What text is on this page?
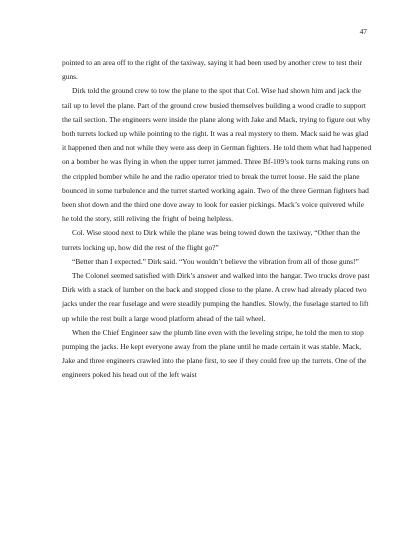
47

pointed to an area off to the right of the taxiway, saying it had been used by another crew to test their guns.

Dirk told the ground crew to tow the plane to the spot that Col. Wise had shown him and jack the tail up to level the plane. Part of the ground crew busied themselves building a wood cradle to support the tail section. The engineers were inside the plane along with Jake and Mack, trying to figure out why both turrets locked up while pointing to the right. It was a real mystery to them. Mack said he was glad it happened then and not while they were ass deep in German fighters. He told them what had happened on a bomber he was flying in when the upper turret jammed. Three Bf-109’s took turns making runs on the crippled bomber while he and the radio operator tried to break the turret loose. He said the plane bounced in some turbulence and the turret started working again. Two of the three German fighters had been shot down and the third one dove away to look for easier pickings. Mack’s voice quivered while he told the story, still reliving the fright of being helpless.

Col. Wise stood next to Dirk while the plane was being towed down the taxiway, “Other than the turrets locking up, how did the rest of the flight go?”

“Better than I expected.” Dirk said. “You wouldn’t believe the vibration from all of those guns!”

The Colonel seemed satisfied with Dirk’s answer and walked into the hangar. Two trucks drove past Dirk with a stack of lumber on the back and stopped close to the plane. A crew had already placed two jacks under the rear fuselage and were steadily pumping the handles. Slowly, the fuselage started to lift up while the rest built a large wood platform ahead of the tail wheel.

When the Chief Engineer saw the plumb line even with the leveling stripe, he told the men to stop pumping the jacks. He kept everyone away from the plane until he made certain it was stable. Mack, Jake and three engineers crawled into the plane first, to see if they could free up the turrets. One of the engineers poked his head out of the left waist
